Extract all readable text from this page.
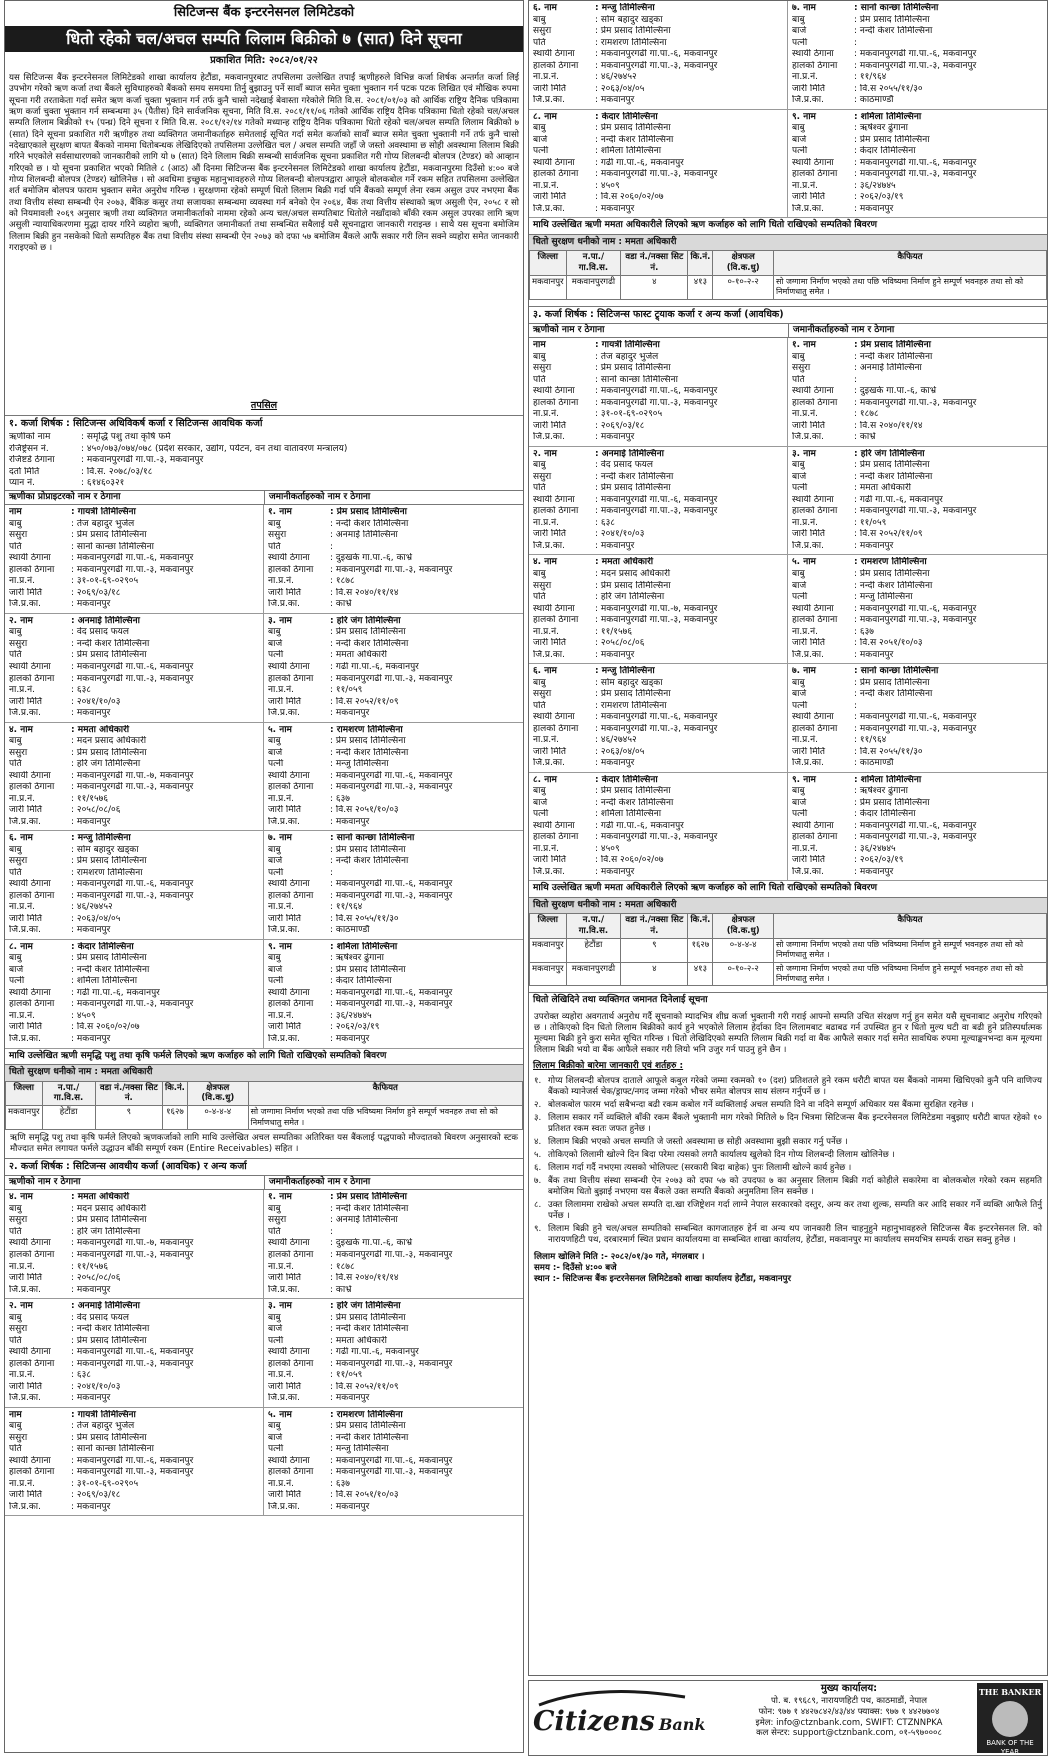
सिटिजन्स बैंक इन्टरनेसनल लिमिटेडको
धितो रहेको चल/अचल सम्पति लिलाम बिक्रीको ७ (सात) दिने सूचना
प्रकाशित मिति: २०८२/०१/२२
यस सिटिजन्स बैंक इन्टरनेसनल लिमिटेडको शाखा कार्यालय हेटौंडा, मकवानपुरबाट तपसिलमा उल्लेखित तपाईं ऋणीहरुले विभिन्न कर्जा शिर्षक अन्तर्गत कर्जा लिई उपभोग गरेको ऋण कर्जा तथा बैंकले सुविधाहरुको बैंकको समय समयमा तिर्नु बुझाउनु पर्ने सावाँ ब्याज समेत चुक्ता भुक्तान गर्न पटक पटक लिखित एवं मौखिक रुपमा सूचना गरी तरताकेता गर्दा समेत ऋण कर्जा चुक्ता भुक्तान गर्न तर्फ कुनै चासो नदेखाई बेवास्ता गरेकोले मिति वि.स. २०८१/०१/०३ को आर्थिक राष्ट्रिय दैनिक पत्रिकामा ऋण कर्जा चुक्ता भुक्तान गर्न सम्बन्धमा ३५ (पैतीस) दिने सार्वजनिक सूचना, मिति वि.स. २०८१/११/०६ गतेको आर्थिक राष्ट्रिय दैनिक पत्रिकामा धितो रहेको चल/अचल सम्पति लिलाम बिक्रीको १५ (पन्ध्र) दिने सूचना र मिति वि.स. २०८१/१२/१४ गतेको मध्यान्ह राष्ट्रिय दैनिक पत्रिकामा धितो रहेको चल/अचल सम्पति लिलाम बिक्रीको ७ (सात) दिने सूचना प्रकाशित गरी ऋणीहरु तथा व्यक्तिगत जमानीकर्ताहरु समेतलाई सूचित गर्दा समेत कर्जाको सावाँ ब्याज समेत चुक्ता भुक्तानी गर्ने तर्फ कुनै चासो नदेखाएकाले सुरक्षण बापत बैंकको नाममा धितोबन्धक लेखिदिएको तपसिलमा उल्लेखित चल / अचल सम्पति जहाँ जे जस्तो अवस्थामा छ सोही अवस्थामा लिलाम बिक्री गरिने भएकोले सर्वसाधारणको जानकारीको लागि यो ७ (सात) दिने लिलाम बिक्री सम्बन्धी सार्वजनिक सूचना प्रकाशित गरी गोप्य शिलबन्दी बोलपत्र (टेण्डर) को आव्हान गरिएको छ । यो सूचना प्रकाशित भएको मितिले ८ (आठ) औं दिनमा सिटिजन्स बैंक इन्टरनेसनल लिमिटेडको शाखा कार्यालय हेटौंडा, मकवानपुरमा दिउँसो ४:०० बजे गोप्य शिलबन्दी बोलपत्र (टेण्डर) खोलिनेछ । सो अवधिमा इच्छुक महानुभावहरुले गोप्य शिलबन्दी बोलपत्रद्वारा आफूले बोलकबोल गर्ने रकम सहित तपसिलमा उल्लेखित शर्त बमोजिम बोलपत्र फाराम भुक्तान समेत अनुरोध गरिन्छ । सुरक्षणमा रहेको सम्पूर्ण धितो लिलाम बिक्री गर्दा पनि बैंकको सम्पूर्ण लेना रकम असुल उपर नभएमा बैंक तथा वित्तीय संस्था सम्बन्धी ऐन २०७३, बैंकिङ कसुर तथा सजायका सम्बन्धमा व्यवस्था गर्न बनेको ऐन २०६४, बैंक तथा वित्तीय संस्थाको ऋण असुली ऐन, २०५८ र सो को नियमावली २०६९ अनुसार ऋणी तथा व्यक्तिगत जमानीकर्ताको नाममा रहेको अन्य चल/अचल सम्पतिबाट धितोले नखाँदाको बाँकी रकम असुल उपरका लागि ऋण असुली न्यायाधिकरणमा मुद्धा दायर गरिने व्यहोरा ऋणी, व्यक्तिगत जमानीकर्ता तथा सम्बन्धित सबैलाई यसै सूचनाद्वारा जानकारी गराइन्छ । साथै यस सूचना बमोजिम लिलाम बिक्री हुन नसकेको धितो सम्पतिहरु बैंक तथा वित्तीय संस्था सम्बन्धी ऐन २०७३ को दफा ५७ बमोजिम बैंकले आफैं सकार गरी लिन सक्ने व्यहोरा समेत जानकारी गराइएको छ ।
तपसिल
१. कर्जा शिर्षक : सिटिजन्स अधिविकर्ष कर्जा र सिटिजन्स आवधिक कर्जा
ऋणीको नाम	: समृद्धि पशु तथा कृषि फर्म
रजिष्ट्रेसन नं.	: ४५०/०७३/०७४/०७८ (प्रदेश सरकार, उद्योग, पर्यटन, वन तथा वातावरण मन्त्रालय)
रजिष्टर्ड ठेगाना	: मकवानपुरगढी गा.पा.-३, मकवानपुर
दर्ता मिति	: वि.स. २०७८/०३/१८
प्यान नं.	: ६१४६०३२१
ऋणीका प्रोप्राइटरको नाम र ठेगाना	जमानीकर्ताहरुको नाम र ठेगाना
नाम	: गायत्री तिमिल्सिना
बाबु	: तेज बहादुर भुजेल
ससुरा	: प्रेम प्रसाद तिमिल्सिना
पति	: सानो कान्छा तिमिल्सिना
स्थायी ठेगाना	: मकवानपुरगढी गा.पा.-६, मकवानपुर
हालको ठेगाना	: मकवानपुरगढी गा.पा.-३, मकवानपुर
ना.प्र.नं.	: ३१-०१-६९-०२९०५
जारी मिति	: २०६९/०३/१८
जि.प्र.का.	: मकवानपुर
१. नाम	: प्रेम प्रसाद तिमिल्सिना
बाबु	: नन्दी केशर तिमिल्सिना
ससुरा	: अनमाई तिमिल्सिना
पति
:
स्थायी ठेगाना	: दुइखर्क गा.पा.-६, काभ्रे
हालको ठेगाना	: मकवानपुरगढी गा.पा.-३, मकवानपुर
ना.प्र.नं.	: १८७८
जारी मिति	: वि.स २०४०/११/१४
जि.प्र.का.	: काभ्रे
२. नाम	: अनमाई तिमिल्सिना
बाबु	: वेद प्रसाद फयल
ससुरा	: नन्दी केशर तिमिल्सिना
पति	: प्रेम प्रसाद तिमिल्सिना
स्थायी ठेगाना	: मकवानपुरगढी गा.पा.-६, मकवानपुर
हालको ठेगाना	: मकवानपुरगढी गा.पा.-३, मकवानपुर
ना.प्र.नं.	: ६३८
जारी मिति	: २०४१/१०/०३
जि.प्र.का.	: मकवानपुर
३. नाम	: हरि जंग तिमिल्सिना
बाबु	: प्रेम प्रसाद तिमिल्सिना
बाजे	: नन्दी केशर तिमिल्सिना
पत्नी	: ममता अधिकारी
स्थायी ठेगाना	: गढी गा.पा.-६, मकवानपुर
हालको ठेगाना	: मकवानपुरगढी गा.पा.-३, मकवानपुर
ना.प्र.नं.	: ११/०५९
जारी मिति	: वि.स २०५२/११/०९
जि.प्र.का.	: मकवानपुर
४. नाम	: ममता अधिकारी
बाबु	: मदन प्रसाद अधिकारी
ससुरा	: प्रेम प्रसाद तिमिल्सिना
पति	: हरि जंग तिमिल्सिना
स्थायी ठेगाना	: मकवानपुरगढी गा.पा.-७, मकवानपुर
हालको ठेगाना	: मकवानपुरगढी गा.पा.-३, मकवानपुर
ना.प्र.नं.	: ११/१५७६
जारी मिति	: २०५८/०८/०६
जि.प्र.का.	: मकवानपुर
५. नाम	: रामशरण तिमिल्सिना
बाबु	: प्रेम प्रसाद तिमिल्सिना
बाजे	: नन्दी केशर तिमिल्सिना
पत्नी	: मन्जु तिमिल्सिना
स्थायी ठेगाना	: मकवानपुरगढी गा.पा.-६, मकवानपुर
हालको ठेगाना	: मकवानपुरगढी गा.पा.-३, मकवानपुर
ना.प्र.नं.	: ६३७
जारी मिति	: वि.स २०५१/१०/०३
जि.प्र.का.	: मकवानपुर
६. नाम	: मन्जु तिमिल्सिना
बाबु	: सोम बहादुर खड्का
ससुरा	: प्रेम प्रसाद तिमिल्सिना
पति	: रामशरण तिमिल्सिना
स्थायी ठेगाना	: मकवानपुरगढी गा.पा.-६, मकवानपुर
हालको ठेगाना	: मकवानपुरगढी गा.पा.-३, मकवानपुर
ना.प्र.नं.	: ४६/२७४५२
जारी मिति	: २०६३/०४/०५
जि.प्र.का.	: मकवानपुर
७. नाम	: सानो कान्छा तिमिल्सिना
बाबु	: प्रेम प्रसाद तिमिल्सिना
बाजे	: नन्दी केशर तिमिल्सिना
पत्नी
:
स्थायी ठेगाना	: मकवानपुरगढी गा.पा.-६, मकवानपुर
हालको ठेगाना	: मकवानपुरगढी गा.पा.-३, मकवानपुर
ना.प्र.नं.	: ११/९६४
जारी मिति	: वि.स २०५५/११/३०
जि.प्र.का.	: काठमाण्डौं
८. नाम	: केदार तिमिल्सिना
बाबु	: प्रेम प्रसाद तिमिल्सिना
बाजे	: नन्दी केशर तिमिल्सिना
पत्नी	: शर्मिला तिमिल्सिना
स्थायी ठेगाना	: गढी गा.पा.-६, मकवानपुर
हालको ठेगाना	: मकवानपुरगढी गा.पा.-३, मकवानपुर
ना.प्र.नं.	: ४५०९
जारी मिति	: वि.स २०६०/०२/०७
जि.प्र.का.	: मकवानपुर
९. नाम	: शर्मिला तिमिल्सिना
बाबु	: ऋषेश्वर ढुंगाना
बाजे	: प्रेम प्रसाद तिमिल्सिना
पत्नी	: केदार तिमिल्सिना
स्थायी ठेगाना	: मकवानपुरगढी गा.पा.-६, मकवानपुर
हालको ठेगाना	: मकवानपुरगढी गा.पा.-३, मकवानपुर
ना.प्र.नं.	: ३६/२४७४५
जारी मिति	: २०६२/०३/१९
जि.प्र.का.	: मकवानपुर
माथि उल्लेखित ऋणी समृद्धि पशु तथा कृषि फर्मले लिएको ऋण कर्जाहरु को लागि धितो राखिएको सम्पतिको बिवरण
धितो सुरक्षण धनीको नाम : ममता अधिकारी
जिल्ला	न.पा./गा.वि.स.	वडा नं./नक्सा सिट नं.	कि.नं.	क्षेत्रफल (वि.क.धु)	कैफियत
मकवानपुर	हेटौंडा	९	१६२७	०-४-४-४	सो जग्गामा निर्माण भएको तथा पछि भविष्यमा निर्माण हुने सम्पूर्ण भवनहरु तथा सो को निर्माणधातु समेत ।
ऋणि समृद्धि पशु तथा कृषि फर्मले लिएको ऋणकर्जाको लागि माथि उल्लेखित अचल सम्पतिका अतिरिक्त यस बैंकलाई पद्धपाको मौज्दातको बिवरण अनुसारको स्टक मौज्दात समेत लगायत फर्मले उद्धाउन बाँकी सम्पूर्ण रकम (Entire Receivables) सहित ।
२. कर्जा शिर्षक : सिटिजन्स आवधीय कर्जा (आवधिक) र अन्य कर्जा
ऋणीको नाम र ठेगाना	जमानीकर्ताहरुको नाम र ठेगाना
४. नाम	: ममता अधिकारी
बाबु	: मदन प्रसाद अधिकारी
ससुरा	: प्रेम प्रसाद तिमिल्सिना
पति	: हरि जंग तिमिल्सिना
स्थायी ठेगाना	: मकवानपुरगढी गा.पा.-७, मकवानपुर
हालको ठेगाना	: मकवानपुरगढी गा.पा.-३, मकवानपुर
ना.प्र.नं.	: ११/१५७६
जारी मिति	: २०५८/०८/०६
जि.प्र.का.	: मकवानपुर
१. नाम	: प्रेम प्रसाद तिमिल्सिना
बाबु	: नन्दी केशर तिमिल्सिना
ससुरा	: अनमाई तिमिल्सिना
पति
:
स्थायी ठेगाना	: दुइखर्क गा.पा.-६, काभ्रे
हालको ठेगाना	: मकवानपुरगढी गा.पा.-३, मकवानपुर
ना.प्र.नं.	: १८७८
जारी मिति	: वि.स २०४०/११/१४
जि.प्र.का.	: काभ्रे
२. नाम	: अनमाई तिमिल्सिना
बाबु	: वेद प्रसाद फयल
ससुरा	: नन्दी केशर तिमिल्सिना
पति	: प्रेम प्रसाद तिमिल्सिना
स्थायी ठेगाना	: मकवानपुरगढी गा.पा.-६, मकवानपुर
हालको ठेगाना	: मकवानपुरगढी गा.पा.-३, मकवानपुर
ना.प्र.नं.	: ६३८
जारी मिति	: २०४१/१०/०३
जि.प्र.का.	: मकवानपुर
३. नाम	: हरि जंग तिमिल्सिना
बाबु	: प्रेम प्रसाद तिमिल्सिना
बाजे	: नन्दी केशर तिमिल्सिना
पत्नी	: ममता अधिकारी
स्थायी ठेगाना	: गढी गा.पा.-६, मकवानपुर
हालको ठेगाना	: मकवानपुरगढी गा.पा.-३, मकवानपुर
ना.प्र.नं.	: ११/०५९
जारी मिति	: वि.स २०५२/११/०९
जि.प्र.का.	: मकवानपुर
नाम	: गायत्री तिमिल्सिना
बाबु	: तेज बहादुर भुजेल
ससुरा	: प्रेम प्रसाद तिमिल्सिना
पति	: सानो कान्छा तिमिल्सिना
स्थायी ठेगाना	: मकवानपुरगढी गा.पा.-६, मकवानपुर
हालको ठेगाना	: मकवानपुरगढी गा.पा.-३, मकवानपुर
ना.प्र.नं.	: ३१-०१-६९-०२९०५
जारी मिति	: २०६९/०३/१८
जि.प्र.का.	: मकवानपुर
५. नाम	: रामशरण तिमिल्सिना
बाबु	: प्रेम प्रसाद तिमिल्सिना
बाजे	: नन्दी केशर तिमिल्सिना
पत्नी	: मन्जु तिमिल्सिना
स्थायी ठेगाना	: मकवानपुरगढी गा.पा.-६, मकवानपुर
हालको ठेगाना	: मकवानपुरगढी गा.पा.-३, मकवानपुर
ना.प्र.नं.	: ६३७
जारी मिति	: वि.स २०५१/१०/०३
जि.प्र.का.	: मकवानपुर
६. नाम	: मन्जु तिमिल्सिना
बाबु	: सोम बहादुर खड्का
ससुरा	: प्रेम प्रसाद तिमिल्सिना
पति	: रामशरण तिमिल्सिना
स्थायी ठेगाना	: मकवानपुरगढी गा.पा.-६, मकवानपुर
हालको ठेगाना	: मकवानपुरगढी गा.पा.-३, मकवानपुर
ना.प्र.नं.	: ४६/२७४५२
जारी मिति	: २०६३/०४/०५
जि.प्र.का.	: मकवानपुर
७. नाम	: सानो कान्छा तिमिल्सिना
बाबु	: प्रेम प्रसाद तिमिल्सिना
बाजे	: नन्दी केशर तिमिल्सिना
पत्नी
:
स्थायी ठेगाना	: मकवानपुरगढी गा.पा.-६, मकवानपुर
हालको ठेगाना	: मकवानपुरगढी गा.पा.-३, मकवानपुर
ना.प्र.नं.	: ११/९६४
जारी मिति	: वि.स २०५५/११/३०
जि.प्र.का.	: काठमाण्डौं
८. नाम	: केदार तिमिल्सिना
बाबु	: प्रेम प्रसाद तिमिल्सिना
बाजे	: नन्दी केशर तिमिल्सिना
पत्नी	: शर्मिला तिमिल्सिना
स्थायी ठेगाना	: गढी गा.पा.-६, मकवानपुर
हालको ठेगाना	: मकवानपुरगढी गा.पा.-३, मकवानपुर
ना.प्र.नं.	: ४५०९
जारी मिति	: वि.स २०६०/०२/०७
जि.प्र.का.	: मकवानपुर
९. नाम	: शर्मिला तिमिल्सिना
बाबु	: ऋषेश्वर ढुंगाना
बाजे	: प्रेम प्रसाद तिमिल्सिना
पत्नी	: केदार तिमिल्सिना
स्थायी ठेगाना	: मकवानपुरगढी गा.पा.-६, मकवानपुर
हालको ठेगाना	: मकवानपुरगढी गा.पा.-३, मकवानपुर
ना.प्र.नं.	: ३६/२४७४५
जारी मिति	: २०६२/०३/१९
जि.प्र.का.	: मकवानपुर
माथि उल्लेखित ऋणी ममता अधिकारीले लिएको ऋण कर्जाहरु को लागि धितो राखिएको सम्पतिको बिवरण
धितो सुरक्षण धनीको नाम : ममता अधिकारी
जिल्ला	न.पा./गा.वि.स.	वडा नं./नक्सा सिट नं.	कि.नं.	क्षेत्रफल (वि.क.धु)	कैफियत
मकवानपुर	मकवानपुरगढी	४	४१३	०-१०-२-२	सो जग्गामा निर्माण भएको तथा पछि भविष्यमा निर्माण हुने सम्पूर्ण भवनहरु तथा सो को निर्माणधातु समेत ।
३. कर्जा शिर्षक : सिटिजन्स फास्ट ट्र्याक कर्जा र अन्य कर्जा (आवधिक)
ऋणीको नाम र ठेगाना	जमानीकर्ताहरुको नाम र ठेगाना
नाम	: गायत्री तिमिल्सिना
बाबु	: तेज बहादुर भुजेल
ससुरा	: प्रेम प्रसाद तिमिल्सिना
पति	: सानो कान्छा तिमिल्सिना
स्थायी ठेगाना	: मकवानपुरगढी गा.पा.-६, मकवानपुर
हालको ठेगाना	: मकवानपुरगढी गा.पा.-३, मकवानपुर
ना.प्र.नं.	: ३१-०१-६९-०२९०५
जारी मिति	: २०६९/०३/१८
जि.प्र.का.	: मकवानपुर
१. नाम	: प्रेम प्रसाद तिमिल्सिना
बाबु	: नन्दी केशर तिमिल्सिना
ससुरा	: अनमाई तिमिल्सिना
पति
:
स्थायी ठेगाना	: दुइखर्क गा.पा.-६, काभ्रे
हालको ठेगाना	: मकवानपुरगढी गा.पा.-३, मकवानपुर
ना.प्र.नं.	: १८७८
जारी मिति	: वि.स २०४०/११/१४
जि.प्र.का.	: काभ्रे
२. नाम	: अनमाई तिमिल्सिना
बाबु	: वेद प्रसाद फयल
ससुरा	: नन्दी केशर तिमिल्सिना
पति	: प्रेम प्रसाद तिमिल्सिना
स्थायी ठेगाना	: मकवानपुरगढी गा.पा.-६, मकवानपुर
हालको ठेगाना	: मकवानपुरगढी गा.पा.-३, मकवानपुर
ना.प्र.नं.	: ६३८
जारी मिति	: २०४१/१०/०३
जि.प्र.का.	: मकवानपुर
३. नाम	: हरि जंग तिमिल्सिना
बाबु	: प्रेम प्रसाद तिमिल्सिना
बाजे	: नन्दी केशर तिमिल्सिना
पत्नी	: ममता अधिकारी
स्थायी ठेगाना	: गढी गा.पा.-६, मकवानपुर
हालको ठेगाना	: मकवानपुरगढी गा.पा.-३, मकवानपुर
ना.प्र.नं.	: ११/०५९
जारी मिति	: वि.स २०५२/११/०९
जि.प्र.का.	: मकवानपुर
४. नाम	: ममता अधिकारी
बाबु	: मदन प्रसाद अधिकारी
ससुरा	: प्रेम प्रसाद तिमिल्सिना
पति	: हरि जंग तिमिल्सिना
स्थायी ठेगाना	: मकवानपुरगढी गा.पा.-७, मकवानपुर
हालको ठेगाना	: मकवानपुरगढी गा.पा.-३, मकवानपुर
ना.प्र.नं.	: ११/१५७६
जारी मिति	: २०५८/०८/०६
जि.प्र.का.	: मकवानपुर
५. नाम	: रामशरण तिमिल्सिना
बाबु	: प्रेम प्रसाद तिमिल्सिना
बाजे	: नन्दी केशर तिमिल्सिना
पत्नी	: मन्जु तिमिल्सिना
स्थायी ठेगाना	: मकवानपुरगढी गा.पा.-६, मकवानपुर
हालको ठेगाना	: मकवानपुरगढी गा.पा.-३, मकवानपुर
ना.प्र.नं.	: ६३७
जारी मिति	: वि.स २०५१/१०/०३
जि.प्र.का.	: मकवानपुर
६. नाम	: मन्जु तिमिल्सिना
बाबु	: सोम बहादुर खड्का
ससुरा	: प्रेम प्रसाद तिमिल्सिना
पति	: रामशरण तिमिल्सिना
स्थायी ठेगाना	: मकवानपुरगढी गा.पा.-६, मकवानपुर
हालको ठेगाना	: मकवानपुरगढी गा.पा.-३, मकवानपुर
ना.प्र.नं.	: ४६/२७४५२
जारी मिति	: २०६३/०४/०५
जि.प्र.का.	: मकवानपुर
७. नाम	: सानो कान्छा तिमिल्सिना
बाबु	: प्रेम प्रसाद तिमिल्सिना
बाजे	: नन्दी केशर तिमिल्सिना
पत्नी
:
स्थायी ठेगाना	: मकवानपुरगढी गा.पा.-६, मकवानपुर
हालको ठेगाना	: मकवानपुरगढी गा.पा.-३, मकवानपुर
ना.प्र.नं.	: ११/९६४
जारी मिति	: वि.स २०५५/११/३०
जि.प्र.का.	: काठमाण्डौं
८. नाम	: केदार तिमिल्सिना
बाबु	: प्रेम प्रसाद तिमिल्सिना
बाजे	: नन्दी केशर तिमिल्सिना
पत्नी	: शर्मिला तिमिल्सिना
स्थायी ठेगाना	: गढी गा.पा.-६, मकवानपुर
हालको ठेगाना	: मकवानपुरगढी गा.पा.-३, मकवानपुर
ना.प्र.नं.	: ४५०९
जारी मिति	: वि.स २०६०/०२/०७
जि.प्र.का.	: मकवानपुर
९. नाम	: शर्मिला तिमिल्सिना
बाबु	: ऋषेश्वर ढुंगाना
बाजे	: प्रेम प्रसाद तिमिल्सिना
पत्नी	: केदार तिमिल्सिना
स्थायी ठेगाना	: मकवानपुरगढी गा.पा.-६, मकवानपुर
हालको ठेगाना	: मकवानपुरगढी गा.पा.-३, मकवानपुर
ना.प्र.नं.	: ३६/२४७४५
जारी मिति	: २०६२/०३/१९
जि.प्र.का.	: मकवानपुर
माथि उल्लेखित ऋणी ममता अधिकारीले लिएको ऋण कर्जाहरु को लागि धितो राखिएको सम्पतिको बिवरण
धितो सुरक्षण धनीको नाम : ममता अधिकारी
जिल्ला	न.पा./गा.वि.स.	वडा नं./नक्सा सिट नं.	कि.नं.	क्षेत्रफल (वि.क.धु)	कैफियत
मकवानपुर	हेटौंडा	९	१६२७	०-४-४-४	सो जग्गामा निर्माण भएको तथा पछि भविष्यमा निर्माण हुने सम्पूर्ण भवनहरु तथा सो को निर्माणधातु समेत ।
मकवानपुर	मकवानपुरगढी	४	४१३	०-१०-२-२	सो जग्गामा निर्माण भएको तथा पछि भविष्यमा निर्माण हुने सम्पूर्ण भवनहरु तथा सो को निर्माणधातु समेत ।
धितो लेखिदिने तथा व्यक्तिगत जमानत दिनेलाई सूचना
उपरोक्त व्यहोरा अवगतार्थ अनुरोध गर्दै सूचनाको म्यादभित्र शीघ्र कर्जा भुक्तानी गरी गराई आफ्नो सम्पति उचित संरक्षण गर्नु हुन समेत यसै सूचनाबाट अनुरोध गरिएको छ । तोकिएको दिन धितो लिलाम बिक्रीको कार्य हुने भएकोले लिलाम हेर्दाका दिन लिलामबाट बढाबढ गर्न उपस्थित हुन र धितो मुल्य घटी वा बढी हुने प्रतिस्पर्धात्मक मूल्यमा बिक्री हुने कुरा समेत सूचित गरिन्छ । धितो लेखिदिएको सम्पति लिलाम बिक्री गर्दा वा बैंक आफैले सकार गर्दा समेत सावधिक रुपमा मूल्याङ्कनभन्दा कम मूल्यमा लिलाम बिक्री भयो वा बैंक आफैले सकार गरी लियो भनि उजुर गर्न पाउनु हुने छैन ।
लिलाम बिक्रीको बारेमा जानकारी एवं शर्तहरु :
१. गोप्य शिलबन्दी बोलपत्र दाताले आफूले कबुल गरेको जम्मा रकमको १० (दश) प्रतिशतले हुने रकम धरौटी बापत यस बैंकको नाममा खिचिएको कुनै पनि वाणिज्य बैंकको म्यानेजर्स चेक/ड्राफ्ट/नगद जम्मा गरेको भौचर समेत बोलपत्र साथ संलग्न गर्नुपर्ने छ ।
२. बोलकबोल फारम भर्दा सबैभन्दा बढी रकम कबोल गर्ने व्यक्तिलाई अचल सम्पति दिने वा नदिने सम्पूर्ण अधिकार यस बैंकमा सुरक्षित रहनेछ ।
३. लिलाम सकार गर्ने व्यक्तिले बाँकी रकम बैंकले भुक्तानी माग गरेको मितिले ७ दिन भित्रमा सिटिजन्स बैंक इन्टरनेसनल लिमिटेडमा नबुझाए धरौटी बापत रहेको १० प्रतिशत रकम स्वतः जफत हुनेछ ।
४. लिलाम बिक्री भएको अचल सम्पति जे जस्तो अवस्थामा छ सोही अवस्थामा बुझी सकार गर्नु पर्नेछ ।
५. तोकिएको लिलामी खोल्ने दिन बिदा परेमा त्यसको लगतै कार्यालय खुलेको दिन गोप्य शिलबन्दी लिलाम खोलिनेछ ।
६. लिलाम गर्दा गर्दै नभएमा त्यसको भोलिपल्ट (सरकारी बिदा बाहेक) पुनः लिलामी खोल्ने कार्य हुनेछ ।
७. बैंक तथा वित्तीय संस्था सम्बन्धी ऐन २०७३ को दफा ५७ को उपदफा ७ का अनुसार लिलाम बिक्री गर्दा कोहीले सकारेमा वा बोलकबोल गरेको रकम सहमति बमोजिम धितो बुझाई नभएमा यस बैंकले उक्त सम्पति बैंकको अनुमतिमा लिन सक्नेछ ।
८. उक्त लिलाममा राखेको अचल सम्पति दा.खा रजिष्ट्रेशन गर्दा लाग्ने नेपाल सरकारको दस्तुर, अन्य कर तथा शुल्क, सम्पति कर आदि सकार गर्ने व्यक्ति आफैले तिर्नु पर्नेछ ।
९. लिलाम बिक्री हुने चल/अचल सम्पतिको सम्बन्धित कागजातहरु हेर्न वा अन्य थप जानकारी लिन चाहनुहुने महानुभावहरुले सिटिजन्स बैंक इन्टरनेसनल लि. को नारायणहिटी पथ, दरबारमार्ग स्थित प्रधान कार्यालयमा वा सम्बन्धित शाखा कार्यालय, हेटौंडा, मकवानपुर मा कार्यालय समयभित्र सम्पर्क राख्न सक्नु हुनेछ ।
लिलाम खोलिने मिति :- २०८२/०१/३० गते, मंगलबार ।
समय :- दिउँसो ४:०० बजे
स्थान :- सिटिजन्स बैंक इन्टरनेसनल लिमिटेडको शाखा कार्यालय हेटौंडा, मकवानपुर
Citizens Bank
मुख्य कार्यालय:
पो. ब. १९६८९, नारायणहिटी पथ, काठमाडौं, नेपाल
फोन: ९७७ १ ४४२७८४२/४३/४४ फ्याक्स: ९७७ १ ४४२७७०४
इमेल: info@ctznbank.com, SWIFT: CTZNNPKA
कल सेन्टर: support@ctznbank.com, ०१-५९७०००८
THE BANKER
BANK OF THE YEAR
